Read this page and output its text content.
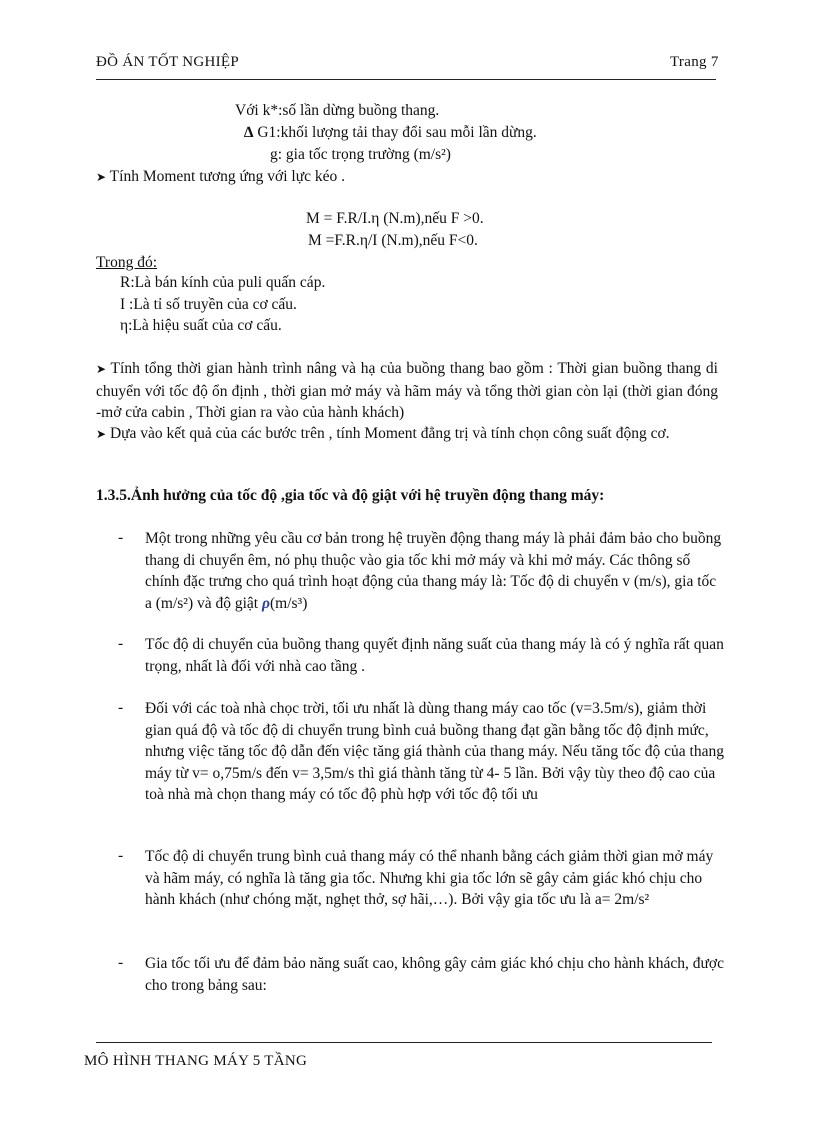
ĐỒ ÁN TỐT NGHIỆP	Trang 7
Với k*:số lần dừng buồng thang.
∆ G1:khối lượng tải thay đổi sau mỗi lần dừng.
g: gia tốc trọng trường (m/s²)
➤ Tính Moment tương ứng với lực kéo .
M = F.R/I.η (N.m),nếu F >0.
M =F.R.η/I (N.m),nếu F<0.
Trong đó:
R:Là bán kính của puli quấn cáp.
I :Là tỉ số truyền của cơ cấu.
η:Là hiệu suất của cơ cấu.
➤ Tính tổng thời gian hành trình nâng và hạ của buồng thang bao gồm : Thời gian buồng thang di chuyển với tốc độ ổn định , thời gian mở máy và hãm máy và tổng thời gian còn lại (thời gian đóng -mở cửa cabin , Thời gian ra vào của hành khách)
➤ Dựa vào kết quả của các bước trên , tính Moment đẳng trị và tính chọn công suất động cơ.
1.3.5.Ảnh hưởng của tốc độ ,gia tốc và độ giật với hệ truyền động thang máy:
- Một trong những yêu cầu cơ bản trong hệ truyền động thang máy là phải đảm bảo cho buồng thang di chuyển êm, nó phụ thuộc vào gia tốc khi mở máy và khi mở máy. Các thông số chính đặc trưng cho quá trình hoạt động của thang máy là: Tốc độ di chuyển v (m/s), gia tốc a (m/s²) và độ giật ρ(m/s³)
- Tốc độ di chuyển của buồng thang quyết định năng suất của thang máy là có ý nghĩa rất quan trọng, nhất là đối với nhà cao tầng .
- Đối với các toà nhà chọc trời, tối ưu nhất là dùng thang máy cao tốc (v=3.5m/s), giảm thời gian quá độ và tốc độ di chuyển trung bình cuả buồng thang đạt gần bằng tốc độ định mức, nhưng việc tăng tốc độ dẫn đến việc tăng giá thành của thang máy. Nếu tăng tốc độ của thang máy từ v= o,75m/s đến v= 3,5m/s thì giá thành tăng từ 4- 5 lần. Bởi vậy tùy theo độ cao của toà nhà mà chọn thang máy có tốc độ phù hợp với tốc độ tối ưu
- Tốc độ di chuyển trung bình cuả thang máy có thể nhanh bằng cách giảm thời gian mở máy và hãm máy, có nghĩa là tăng gia tốc. Nhưng khi gia tốc lớn sẽ gây cảm giác khó chịu cho hành khách (như chóng mặt, nghẹt thở, sợ hãi,…). Bởi vậy gia tốc ưu là a= 2m/s²
- Gia tốc tối ưu để đảm bảo năng suất cao, không gây cảm giác khó chịu cho hành khách, được cho trong bảng sau:
MÔ HÌNH THANG MÁY 5 TẦNG
